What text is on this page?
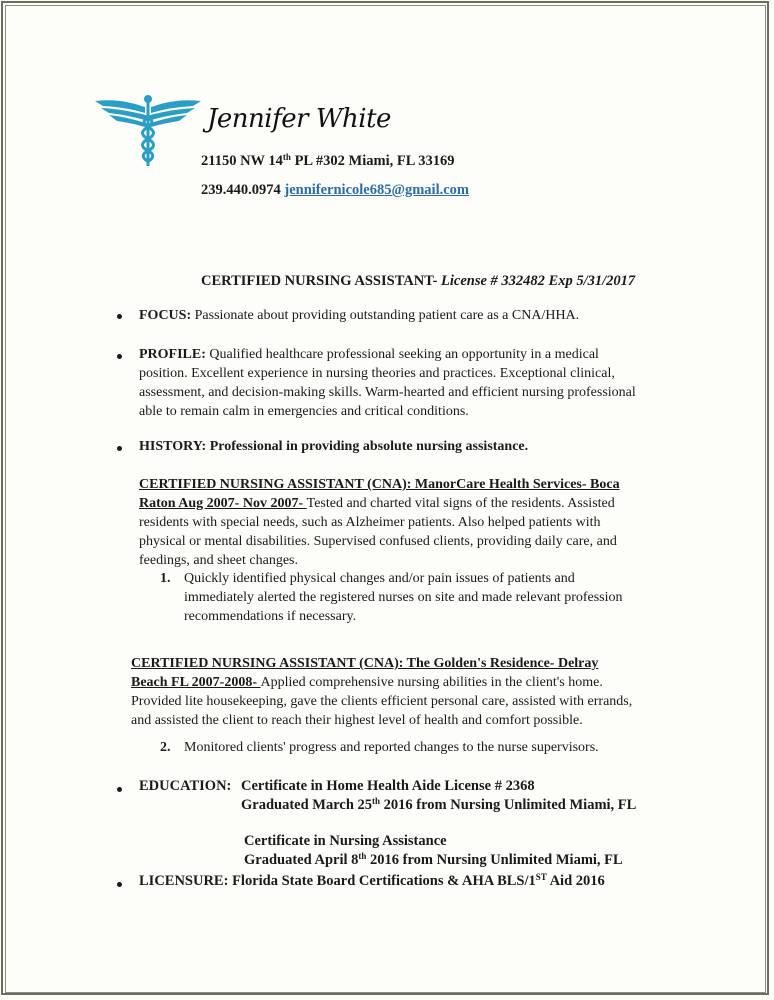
Jennifer White
21150 NW 14th PL #302 Miami, FL 33169
239.440.0974 jennifernicole685@gmail.com
CERTIFIED NURSING ASSISTANT- License # 332482 Exp 5/31/2017
FOCUS: Passionate about providing outstanding patient care as a CNA/HHA.
PROFILE: Qualified healthcare professional seeking an opportunity in a medical
position. Excellent experience in nursing theories and practices. Exceptional clinical,
assessment, and decision-making skills. Warm-hearted and efficient nursing professional
able to remain calm in emergencies and critical conditions.
HISTORY: Professional in providing absolute nursing assistance.
CERTIFIED NURSING ASSISTANT (CNA): ManorCare Health Services- Boca
Raton Aug 2007- Nov 2007- Tested and charted vital signs of the residents. Assisted
residents with special needs, such as Alzheimer patients. Also helped patients with
physical or mental disabilities. Supervised confused clients, providing daily care, and
feedings, and sheet changes.
1. Quickly identified physical changes and/or pain issues of patients and
immediately alerted the registered nurses on site and made relevant profession
recommendations if necessary.
CERTIFIED NURSING ASSISTANT (CNA): The Golden's Residence- Delray
Beach FL 2007-2008- Applied comprehensive nursing abilities in the client's home.
Provided lite housekeeping, gave the clients efficient personal care, assisted with errands,
and assisted the client to reach their highest level of health and comfort possible.
2. Monitored clients' progress and reported changes to the nurse supervisors.
EDUCATION: Certificate in Home Health Aide License # 2368
Graduated March 25th 2016 from Nursing Unlimited Miami, FL
Certificate in Nursing Assistance
Graduated April 8th 2016 from Nursing Unlimited Miami, FL
LICENSURE: Florida State Board Certifications & AHA BLS/1ST Aid 2016
